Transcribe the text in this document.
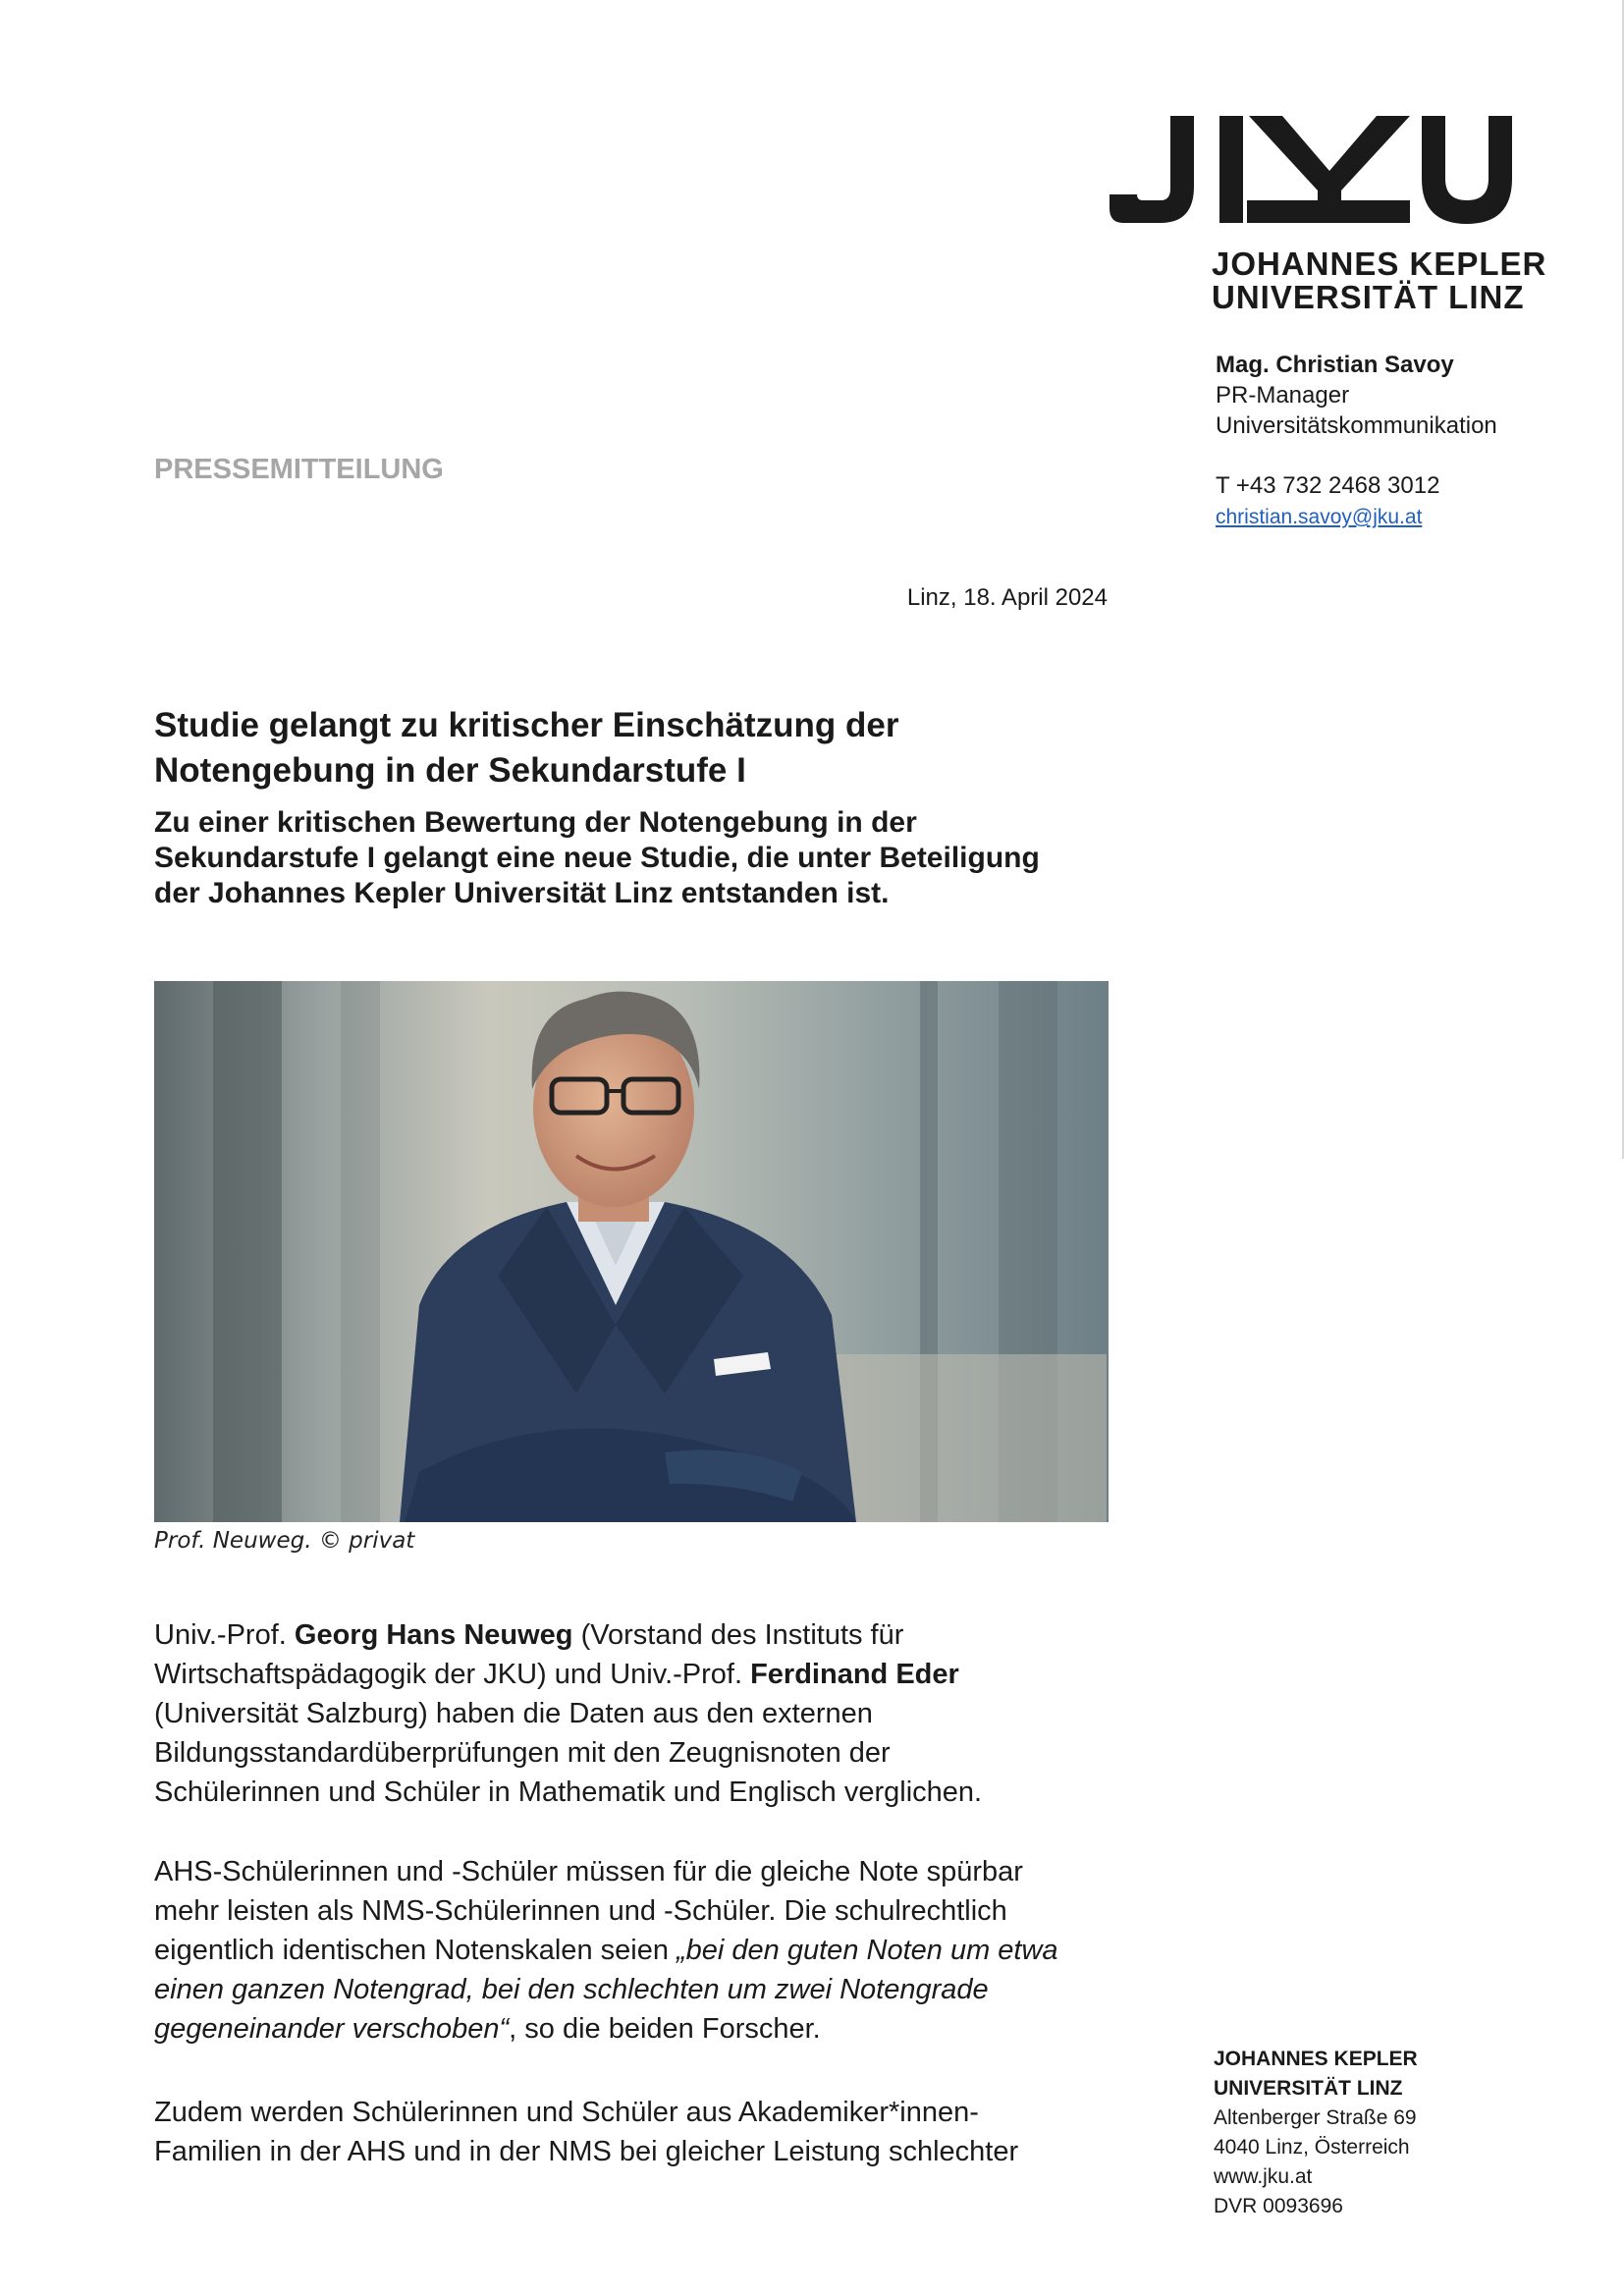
JOHANNES KEPLER
UNIVERSITÄT LINZ
Mag. Christian Savoy
PR-Manager
Universitätskommunikation
T +43 732 2468 3012
christian.savoy@jku.at
PRESSEMITTEILUNG
Linz, 18. April 2024
Studie gelangt zu kritischer Einschätzung der
Notengebung in der Sekundarstufe I

Zu einer kritischen Bewertung der Notengebung in der
Sekundarstufe I gelangt eine neue Studie, die unter Beteiligung
der Johannes Kepler Universität Linz entstanden ist.

Prof. Neuweg. © privat

Univ.-Prof. Georg Hans Neuweg (Vorstand des Instituts für
Wirtschaftspädagogik der JKU) und Univ.-Prof. Ferdinand Eder
(Universität Salzburg) haben die Daten aus den externen
Bildungsstandardüberprüfungen mit den Zeugnisnoten der
Schülerinnen und Schüler in Mathematik und Englisch verglichen.

AHS-Schülerinnen und -Schüler müssen für die gleiche Note spürbar
mehr leisten als NMS-Schülerinnen und -Schüler. Die schulrechtlich
eigentlich identischen Notenskalen seien „bei den guten Noten um etwa
einen ganzen Notengrad, bei den schlechten um zwei Notengrade
gegeneinander verschoben“, so die beiden Forscher.

Zudem werden Schülerinnen und Schüler aus Akademiker*innen-
Familien in der AHS und in der NMS bei gleicher Leistung schlechter

JOHANNES KEPLER
UNIVERSITÄT LINZ
Altenberger Straße 69
4040 Linz, Österreich
www.jku.at
DVR 0093696
